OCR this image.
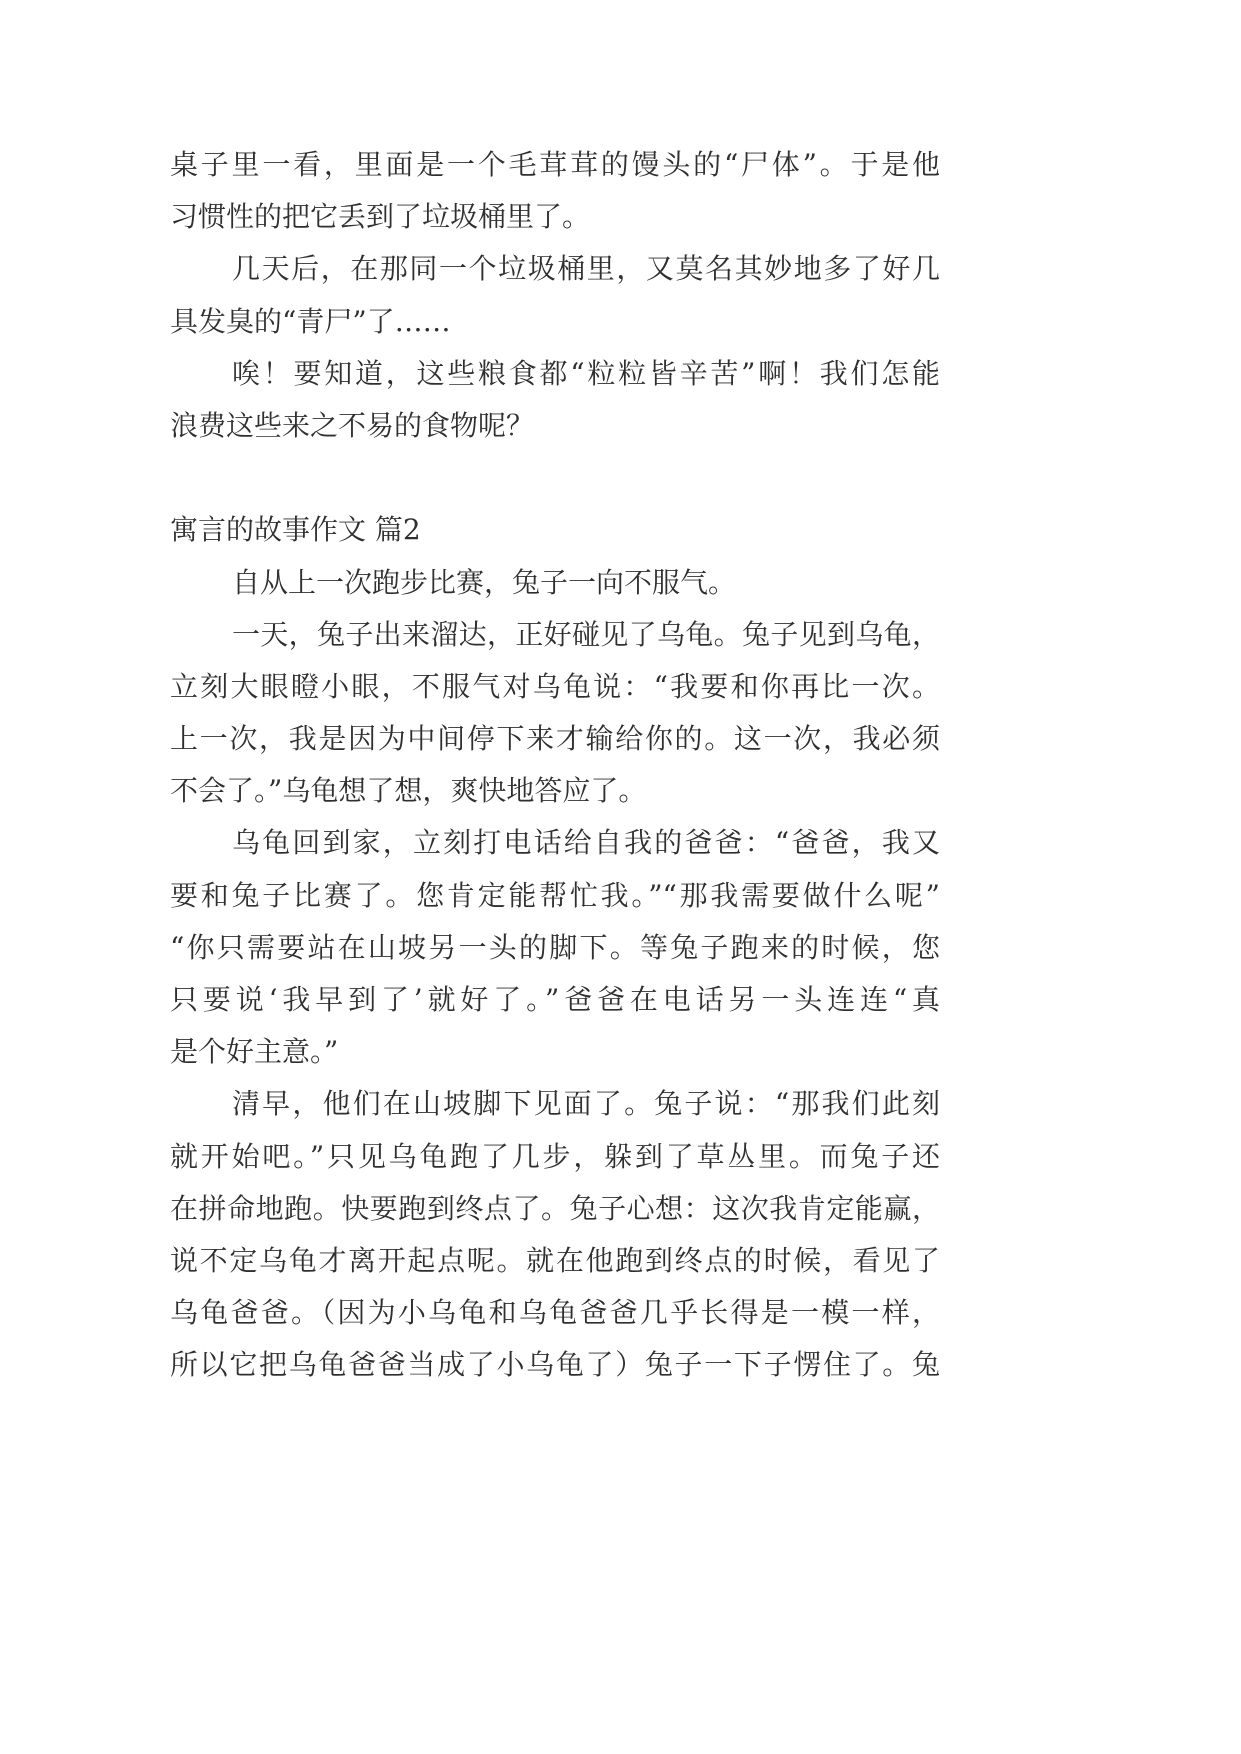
桌子里一看，里面是一个毛茸茸的馒头的“尸体”。于是他
习惯性的把它丢到了垃圾桶里了。
几天后，在那同一个垃圾桶里，又莫名其妙地多了好几
具发臭的“青尸”了……
唉！要知道，这些粮食都“粒粒皆辛苦”啊！我们怎能
浪费这些来之不易的食物呢？
寓言的故事作文 篇2
自从上一次跑步比赛，兔子一向不服气。
一天，兔子出来溜达，正好碰见了乌龟。兔子见到乌龟，
立刻大眼瞪小眼，不服气对乌龟说：“我要和你再比一次。
上一次，我是因为中间停下来才输给你的。这一次，我必须
不会了。”乌龟想了想，爽快地答应了。
乌龟回到家，立刻打电话给自我的爸爸：“爸爸，我又
要和兔子比赛了。您肯定能帮忙我。”“那我需要做什么呢”
“你只需要站在山坡另一头的脚下。等兔子跑来的时候，您
只要说‘我早到了’就好了。”爸爸在电话另一头连连“真
是个好主意。”
清早，他们在山坡脚下见面了。兔子说：“那我们此刻
就开始吧。”只见乌龟跑了几步，躲到了草丛里。而兔子还
在拼命地跑。快要跑到终点了。兔子心想：这次我肯定能赢，
说不定乌龟才离开起点呢。就在他跑到终点的时候，看见了
乌龟爸爸。（因为小乌龟和乌龟爸爸几乎长得是一模一样，
所以它把乌龟爸爸当成了小乌龟了）兔子一下子愣住了。兔
